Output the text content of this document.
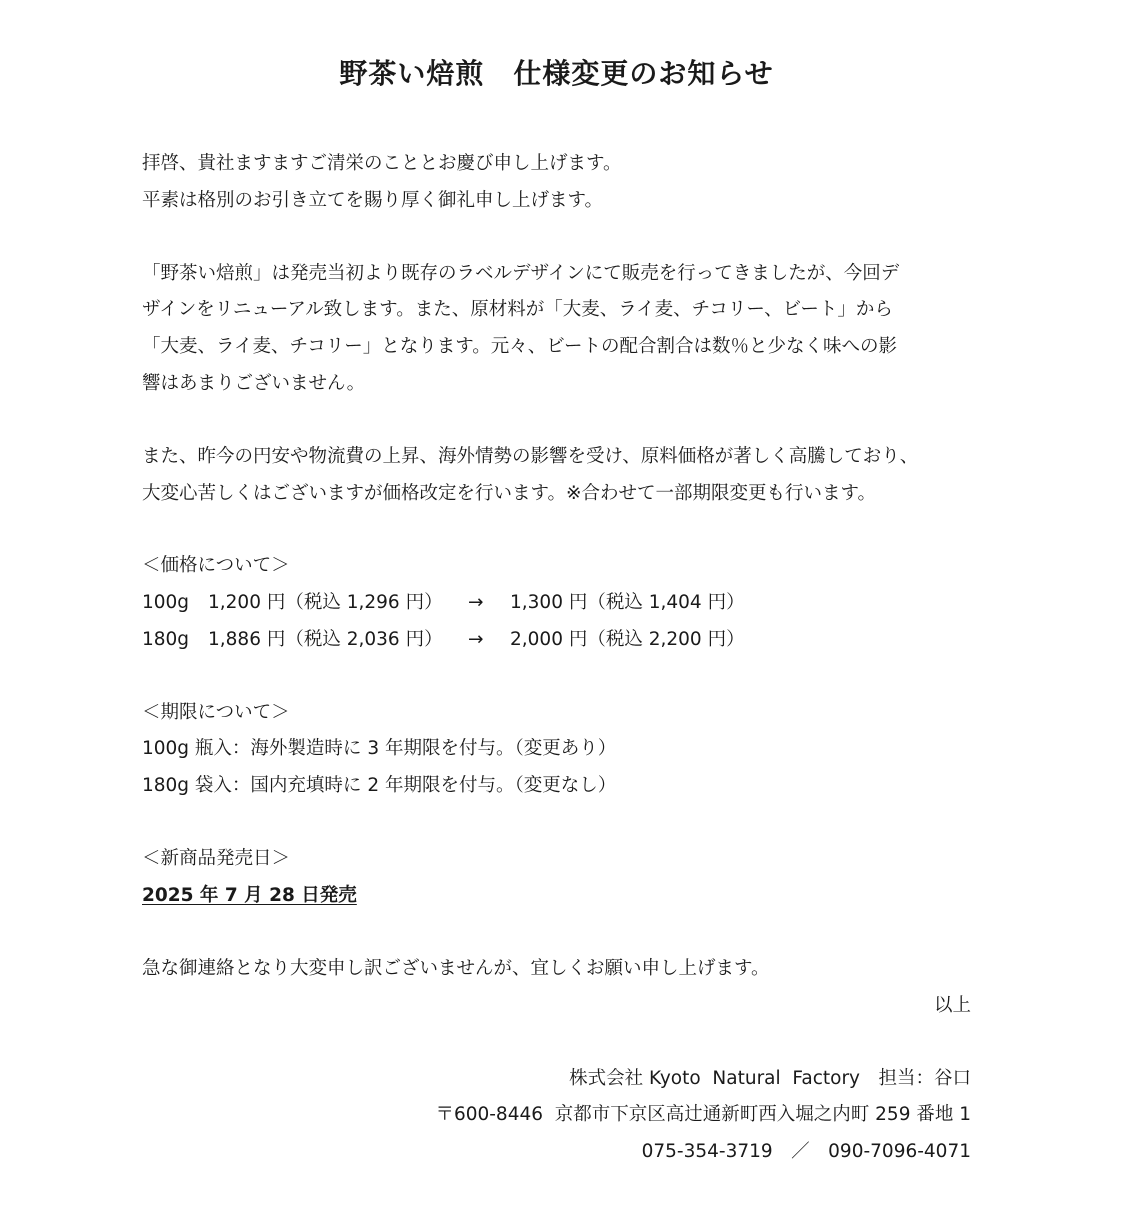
野茶い焙煎　仕様変更のお知らせ
拝啓、貴社ますますご清栄のこととお慶び申し上げます。
平素は格別のお引き立てを賜り厚く御礼申し上げます。
「野茶い焙煎」は発売当初より既存のラベルデザインにて販売を行ってきましたが、今回デ
ザインをリニューアル致します。また、原材料が「大麦、ライ麦、チコリー、ビート」から
「大麦、ライ麦、チコリー」となります。元々、ビートの配合割合は数％と少なく味への影
響はあまりございません。
また、昨今の円安や物流費の上昇、海外情勢の影響を受け、原料価格が著しく高騰しており、
大変心苦しくはございますが価格改定を行います。※合わせて一部期限変更も行います。
＜価格について＞

100g

1,200 円（税込 1,296 円）

→

1,300 円（税込 1,404 円）

180g

1,886 円（税込 2,036 円）

→

2,000 円（税込 2,200 円）

＜期限について＞
100g 瓶入：海外製造時に 3 年期限を付与。（変更あり）
180g 袋入：国内充填時に 2 年期限を付与。（変更なし）
＜新商品発売日＞
2025 年 7 月 28 日発売
急な御連絡となり大変申し訳ございませんが、宜しくお願い申し上げます。
以上
株式会社 Kyoto  Natural  Factory　担当：谷口
〒600-8446  京都市下京区高辻通新町西入堀之内町 259 番地 1
075-354-3719　／　090-7096-4071
